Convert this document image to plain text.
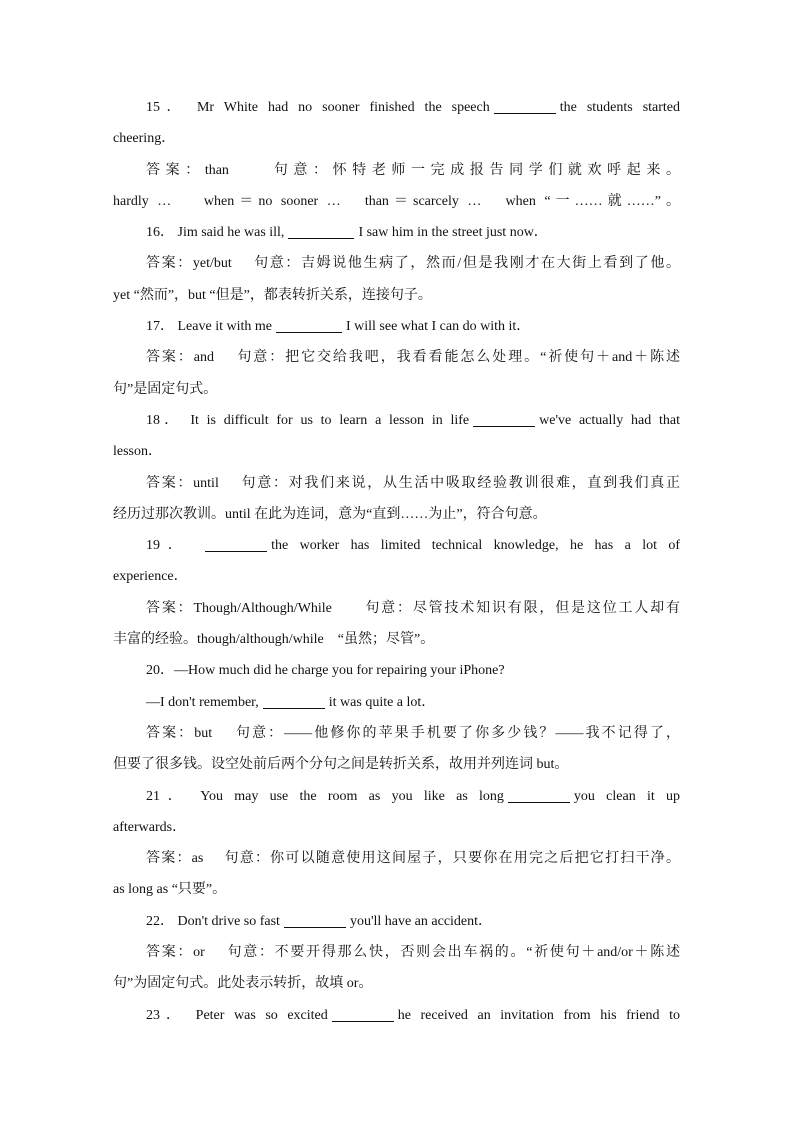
15． Mr White had no sooner finished the speech	the students started
cheering．
答案：than　　句意：怀特老师一完成报告同学们就欢呼起来。
hardly …　 when＝no sooner …　than＝scarcely …　when “一……就……”。
16． Jim said he was ill,	I saw him in the street just now．
答案：yet/but　 句意：吉姆说他生病了，然而/但是我刚才在大街上看到了他。
yet “然而”，but “但是”，都表转折关系，连接句子。
17． Leave it with me	I will see what I can do with it．
答案：and　 句意：把它交给我吧，我看看能怎么处理。“祈使句＋and＋陈述
句”是固定句式。
18． It is difficult for us to learn a lesson in life	we've actually had that
lesson．
答案：until　 句意：对我们来说，从生活中吸取经验教训很难，直到我们真正
经历过那次教训。until 在此为连词，意为“直到……为止”，符合句意。
19．	the worker has limited technical knowledge, he has a lot of
experience．
答案：Though/Although/While　　句意：尽管技术知识有限，但是这位工人却有
丰富的经验。though/although/while　“虽然；尽管”。
20．—How much did he charge you for repairing your iPhone?
—I don't remember,	it was quite a lot．
答案：but　 句意：——他修你的苹果手机要了你多少钱？——我不记得了，
但要了很多钱。设空处前后两个分句之间是转折关系，故用并列连词 but。
21． You may use the room as you like as long	you clean it up
afterwards．
答案：as　 句意：你可以随意使用这间屋子，只要你在用完之后把它打扫干净。
as long as “只要”。
22． Don't drive so fast	you'll have an accident．
答案：or　 句意：不要开得那么快，否则会出车祸的。“祈使句＋and/or＋陈述
句”为固定句式。此处表示转折，故填 or。
23． Peter was so excited	he received an invitation from his friend to
